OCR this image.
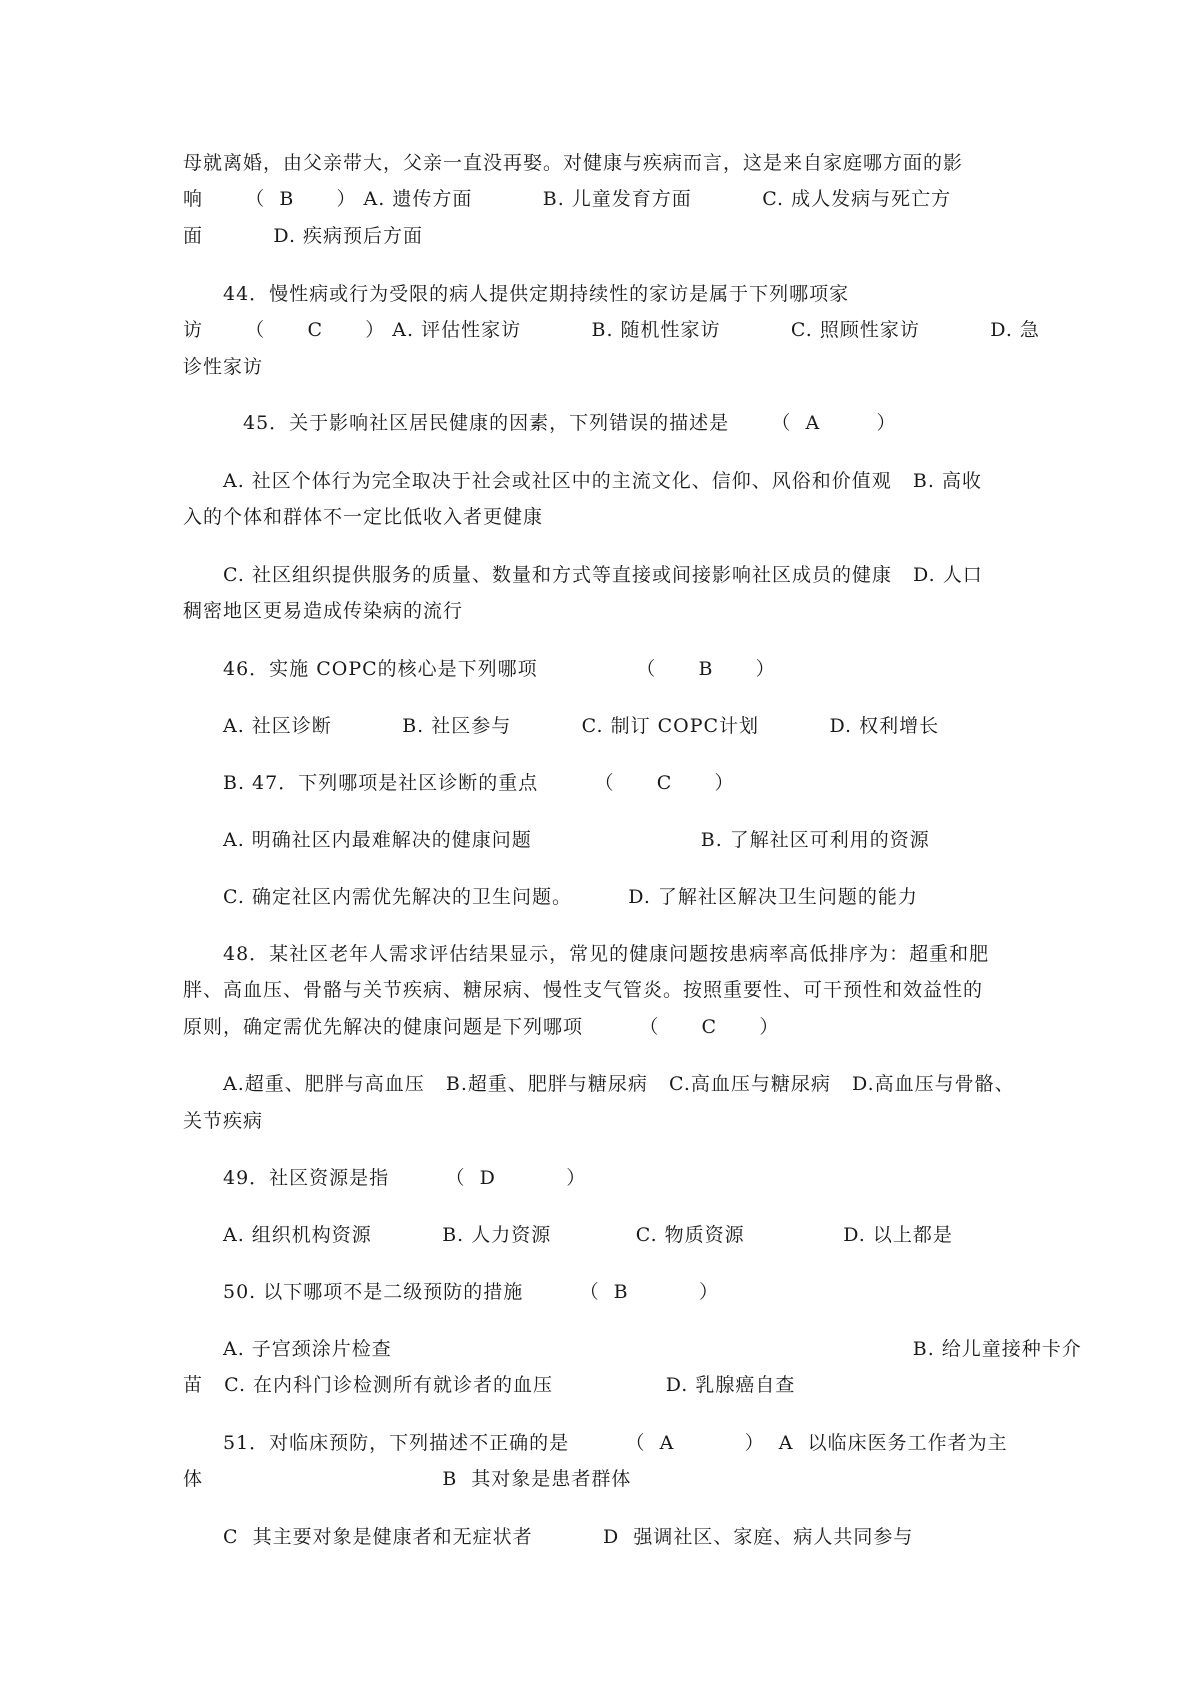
母就离婚，由父亲带大，父亲一直没再娶。对健康与疾病而言，这是来自家庭哪方面的影
响      （  B      ） A. 遗传方面          B. 儿童发育方面          C. 成人发病与死亡方
面          D. 疾病预后方面
44．慢性病或行为受限的病人提供定期持续性的家访是属于下列哪项家
访      （      C      ） A. 评估性家访          B. 随机性家访          C. 照顾性家访          D. 急
诊性家访
45．关于影响社区居民健康的因素，下列错误的描述是      （  A        ）
A. 社区个体行为完全取决于社会或社区中的主流文化、信仰、风俗和价值观   B. 高收
入的个体和群体不一定比低收入者更健康
C. 社区组织提供服务的质量、数量和方式等直接或间接影响社区成员的健康   D. 人口
稠密地区更易造成传染病的流行
46．实施 COPC的核心是下列哪项              （      B      ）
A. 社区诊断          B. 社区参与          C. 制订 COPC计划          D. 权利增长
B. 47．下列哪项是社区诊断的重点        （      C      ）
A. 明确社区内最难解决的健康问题                        B. 了解社区可利用的资源
C. 确定社区内需优先解决的卫生问题。        D. 了解社区解决卫生问题的能力
48．某社区老年人需求评估结果显示，常见的健康问题按患病率高低排序为：超重和肥
胖、高血压、骨骼与关节疾病、糖尿病、慢性支气管炎。按照重要性、可干预性和效益性的
原则，确定需优先解决的健康问题是下列哪项        （      C      ）
A.超重、肥胖与高血压   B.超重、肥胖与糖尿病   C.高血压与糖尿病   D.高血压与骨骼、
关节疾病
49．社区资源是指        （  D          ）
A. 组织机构资源          B. 人力资源            C. 物质资源              D. 以上都是
50. 以下哪项不是二级预防的措施        （  B          ）
A. 子宫颈涂片检查                                                                          B. 给儿童接种卡介
苗   C. 在内科门诊检测所有就诊者的血压                D. 乳腺癌自查
51．对临床预防，下列描述不正确的是        （  A          ）  A  以临床医务工作者为主
体                                  B  其对象是患者群体
C  其主要对象是健康者和无症状者          D  强调社区、家庭、病人共同参与
